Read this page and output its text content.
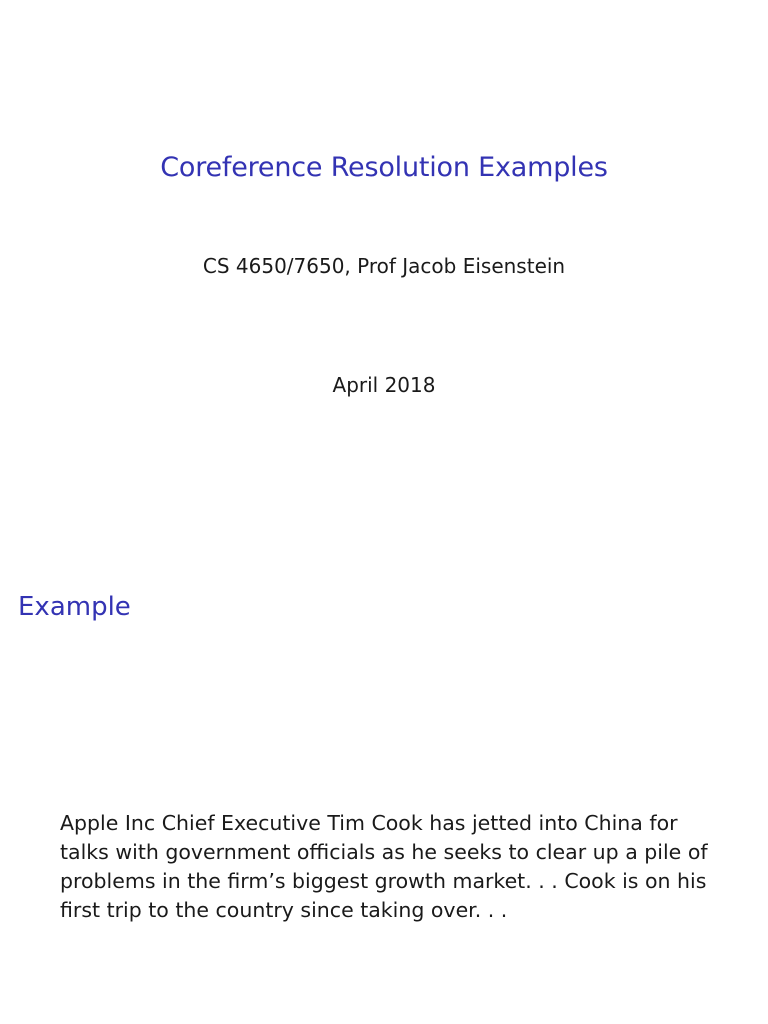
Coreference Resolution Examples
CS 4650/7650, Prof Jacob Eisenstein
April 2018
Example

Apple Inc Chief Executive Tim Cook has jetted into China for talks with government officials as he seeks to clear up a pile of problems in the firm’s biggest growth market. . . Cook is on his first trip to the country since taking over. . .
